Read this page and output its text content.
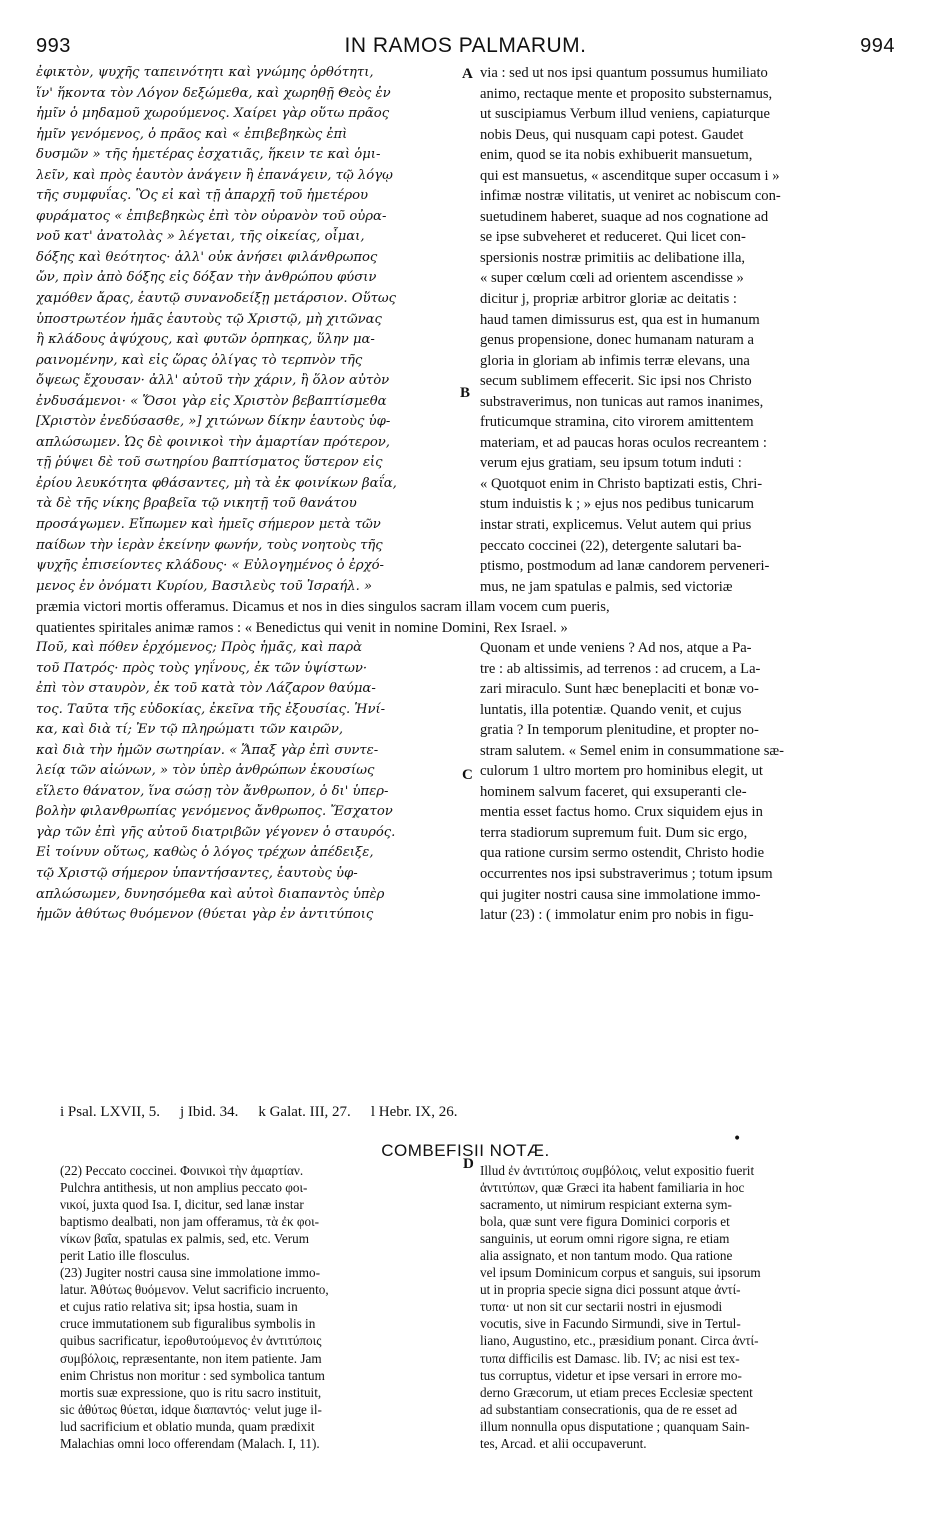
993	IN RAMOS PALMARUM.	994
ἐφικτὸν, ψυχῆς ταπεινότητι καὶ γνώμης ὀρθότητι,
ἵν' ἥκοντα τὸν Λόγον δεξώμεθα, καὶ χωρηθῇ Θεὸς ἐν
ἡμῖν ὁ μηδαμοῦ χωρούμενος. Χαίρει γὰρ οὕτω πρᾶος
ἡμῖν γενόμενος, ὁ πρᾶος καὶ « ἐπιβεβηκὼς ἐπὶ
δυσμῶν » τῆς ἡμετέρας ἐσχατιᾶς, ἥκειν τε καὶ ὁμι-
λεῖν, καὶ πρὸς ἑαυτὸν ἀνάγειν ἢ ἐπανάγειν, τῷ λόγῳ
τῆς συμφυΐας. Ὃς εἰ καὶ τῇ ἀπαρχῇ τοῦ ἡμετέρου
φυράματος « ἐπιβεβηκὼς ἐπὶ τὸν οὐρανὸν τοῦ οὐρα-
νοῦ κατ' ἀνατολὰς » λέγεται, τῆς οἰκείας, οἶμαι,
δόξης καὶ θεότητος· ἀλλ' οὐκ ἀνήσει φιλάνθρωπος
ὤν, πρὶν ἀπὸ δόξης εἰς δόξαν τὴν ἀνθρώπου φύσιν
χαμόθεν ἄρας, ἑαυτῷ συνανοδείξῃ μετάρσιον. Οὕτως
ὑποστρωτέον ἡμᾶς ἑαυτοὺς τῷ Χριστῷ, μὴ χιτῶνας
ἢ κλάδους ἀψύχους, καὶ φυτῶν ὀρπηκας, ὕλην μα-
ραινομένην, καὶ εἰς ὥρας ὀλίγας τὸ τερπνὸν τῆς
ὄψεως ἔχουσαν· ἀλλ' αὐτοῦ τὴν χάριν, ἢ ὅλον αὐτὸν
ἐνδυσάμενοι· « Ὅσοι γὰρ εἰς Χριστὸν βεβαπτίσμεθα
[Χριστὸν ἐνεδύσασθε, »] χιτώνων δίκην ἑαυτοὺς ὑφ-
απλώσωμεν. Ὡς δὲ φοινικοὶ τὴν ἁμαρτίαν πρότερον,
τῇ ῥύψει δὲ τοῦ σωτηρίου βαπτίσματος ὕστερον εἰς
ἐρίου λευκότητα φθάσαντες, μὴ τὰ ἐκ φοινίκων βαΐα,
τὰ δὲ τῆς νίκης βραβεῖα τῷ νικητῇ τοῦ θανάτου
προσάγωμεν. Εἴπωμεν καὶ ἡμεῖς σήμερον μετὰ τῶν
παίδων τὴν ἱερὰν ἐκείνην φωνήν, τοὺς νοητοὺς τῆς
ψυχῆς ἐπισείοντες κλάδους· « Εὐλογημένος ὁ ἐρχό-
μενος ἐν ὀνόματι Κυρίου, Βασιλεὺς τοῦ Ἰσραήλ. »
via : sed ut nos ipsi quantum possumus humiliato
animo, rectaque mente et proposito substernamus,
ut suscipiamus Verbum illud veniens, capiaturque
nobis Deus, qui nusquam capi potest. Gaudet
enim, quod se ita nobis exhibuerit mansuetum,
qui est mansuetus, « ascenditque super occasum i »
infimæ nostræ vilitatis, ut veniret ac nobiscum con-
suetudinem haberet, suaque ad nos cognatione ad
se ipse subveheret et reduceret. Qui licet con-
spersionis nostræ primitiis ac delibatione illa,
« super cœlum cœli ad orientem ascendisse »
dicitur j, propriæ arbitror gloriæ ac deitatis :
haud tamen dimissurus est, qua est in humanum
genus propensione, donec humanam naturam a
gloria in gloriam ab infimis terræ elevans, una
secum sublimem effecerit. Sic ipsi nos Christo
substraverimus, non tunicas aut ramos inanimes,
fruticumque stramina, cito virorem amittentem
materiam, et ad paucas horas oculos recreantem :
verum ejus gratiam, seu ipsum totum induti :
« Quotquot enim in Christo baptizati estis, Chri-
stum induistis k ; » ejus nos pedibus tunicarum
instar strati, explicemus. Velut autem qui prius
peccato coccinei (22), detergente salutari ba-
ptismo, postmodum ad lanæ candorem perveneri-
mus, ne jam spatulas e palmis, sed victoriæ
A
B
C
D
præmia victori mortis offeramus. Dicamus et nos in dies singulos sacram illam vocem cum pueris,
quatientes spiritales animæ ramos : « Benedictus qui venit in nomine Domini, Rex Israel. »
Ποῦ, καὶ πόθεν ἐρχόμενος; Πρὸς ἡμᾶς, καὶ παρὰ
τοῦ Πατρός· πρὸς τοὺς γηΐνους, ἐκ τῶν ὑψίστων·
ἐπὶ τὸν σταυρὸν, ἐκ τοῦ κατὰ τὸν Λάζαρον θαύμα-
τος. Ταῦτα τῆς εὐδοκίας, ἐκεῖνα τῆς ἐξουσίας. Ἡνί-
κα, καὶ διὰ τί; Ἐν τῷ πληρώματι τῶν καιρῶν,
καὶ διὰ τὴν ἡμῶν σωτηρίαν. « Ἅπαξ γὰρ ἐπὶ συντε-
λείᾳ τῶν αἰώνων, » τὸν ὑπὲρ ἀνθρώπων ἑκουσίως
εἵλετο θάνατον, ἵνα σώσῃ τὸν ἄνθρωπον, ὁ δι' ὑπερ-
βολὴν φιλανθρωπίας γενόμενος ἄνθρωπος. Ἔσχατον
γὰρ τῶν ἐπὶ γῆς αὐτοῦ διατριβῶν γέγονεν ὁ σταυρός.
Εἰ τοίνυν οὕτως, καθὼς ὁ λόγος τρέχων ἀπέδειξε,
τῷ Χριστῷ σήμερον ὑπαντήσαντες, ἑαυτοὺς ὑφ-
απλώσωμεν, δυνησόμεθα καὶ αὐτοὶ διαπαντὸς ὑπὲρ
ἡμῶν ἀθύτως θυόμενον (θύεται γὰρ ἐν ἀντιτύποις
Quonam et unde veniens ? Ad nos, atque a Pa-
tre : ab altissimis, ad terrenos : ad crucem, a La-
zari miraculo. Sunt hæc beneplaciti et bonæ vo-
luntatis, illa potentiæ. Quando venit, et cujus
gratia ? In temporum plenitudine, et propter no-
stram salutem. « Semel enim in consummatione sæ-
culorum 1 ultro mortem pro hominibus elegit, ut
hominem salvum faceret, qui exsuperanti cle-
mentia esset factus homo. Crux siquidem ejus in
terra stadiorum supremum fuit. Dum sic ergo,
qua ratione cursim sermo ostendit, Christo hodie
occurrentes nos ipsi substraverimus ; totum ipsum
qui jugiter nostri causa sine immolatione immo-
latur (23) : ( immolatur enim pro nobis in figu-
i Psal. LXVII, 5. j Ibid. 34. k Galat. III, 27. l Hebr. IX, 26.
COMBEFISII NOTÆ.
•
(22) Peccato coccinei. Φοινικοὶ τὴν ἁμαρτίαν.
Pulchra antithesis, ut non amplius peccato φοι-
νικοί, juxta quod Isa. I, dicitur, sed lanæ instar
baptismo dealbati, non jam offeramus, τὰ ἐκ φοι-
νίκων βαΐα, spatulas ex palmis, sed, etc. Verum
perit Latio ille flosculus.
(23) Jugiter nostri causa sine immolatione immo-
latur. Ἀθύτως θυόμενον. Velut sacrificio incruento,
et cujus ratio relativa sit; ipsa hostia, suam in
cruce immutationem sub figuralibus symbolis in
quibus sacrificatur, ἱεροθυτούμενος ἐν ἀντιτύποις
συμβόλοις, repræsentante, non item patiente. Jam
enim Christus non moritur : sed symbolica tantum
mortis suæ expressione, quo is ritu sacro instituit,
sic ἀθύτως θύεται, idque διαπαντός· velut juge il-
lud sacrificium et oblatio munda, quam prædixit
Malachias omni loco offerendam (Malach. I, 11).
Illud ἐν ἀντιτύποις συμβόλοις, velut expositio fuerit
ἀντιτύπων, quæ Græci ita habent familiaria in hoc
sacramento, ut nimirum respiciant externa sym-
bola, quæ sunt vere figura Dominici corporis et
sanguinis, ut eorum omni rigore signa, re etiam
alia assignato, et non tantum modo. Qua ratione
vel ipsum Dominicum corpus et sanguis, sui ipsorum
ut in propria specie signa dici possunt atque ἀντί-
τυπα· ut non sit cur sectarii nostri in ejusmodi
vocutis, sive in Facundo Sirmundi, sive in Tertul-
liano, Augustino, etc., præsidium ponant. Circa ἀντί-
τυπα difficilis est Damasc. lib. IV; ac nisi est tex-
tus corruptus, videtur et ipse versari in errore mo-
derno Græcorum, ut etiam preces Ecclesiæ spectent
ad substantiam consecrationis, qua de re esset ad
illum nonnulla opus disputatione ; quanquam Sain-
tes, Arcad. et alii occupaverunt.
